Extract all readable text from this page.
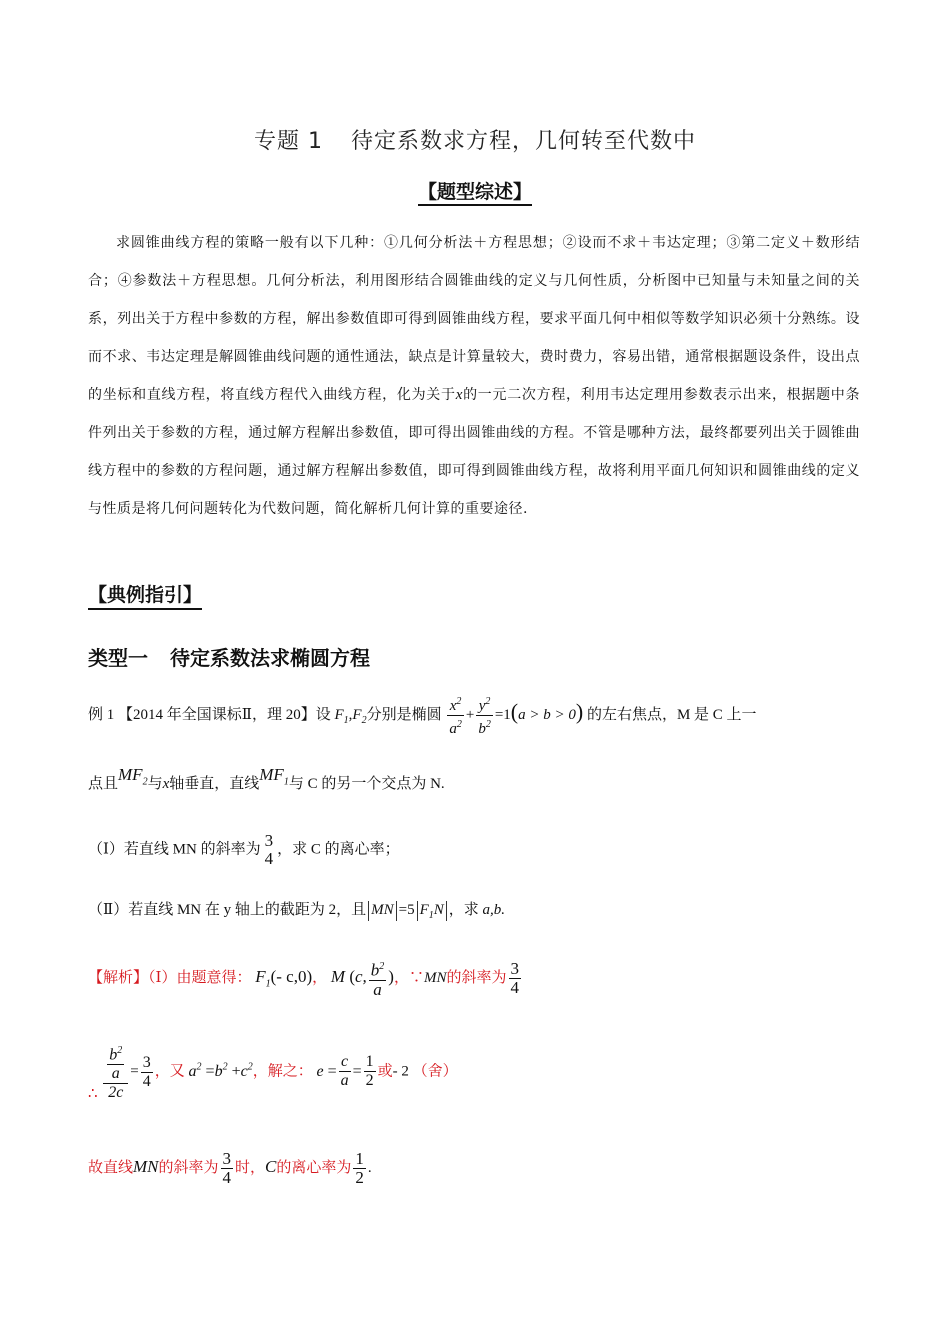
专题 1 待定系数求方程，几何转至代数中
【题型综述】
求圆锥曲线方程的策略一般有以下几种：①几何分析法＋方程思想；②设而不求＋韦达定理；③第二定义＋数形结合；④参数法＋方程思想。几何分析法，利用图形结合圆锥曲线的定义与几何性质，分析图中已知量与未知量之间的关系，列出关于方程中参数的方程，解出参数值即可得到圆锥曲线方程，要求平面几何中相似等数学知识必须十分熟练。设而不求、韦达定理是解圆锥曲线问题的通性通法，缺点是计算量较大，费时费力，容易出错，通常根据题设条件，设出点的坐标和直线方程，将直线方程代入曲线方程，化为关于x的一元二次方程，利用韦达定理用参数表示出来，根据题中条件列出关于参数的方程，通过解方程解出参数值，即可得出圆锥曲线的方程。不管是哪种方法，最终都要列出关于圆锥曲线方程中的参数的方程问题，通过解方程解出参数值，即可得到圆锥曲线方程，故将利用平面几何知识和圆锥曲线的定义与性质是将几何问题转化为代数问题，简化解析几何计算的重要途径.
【典例指引】
类型一 待定系数法求椭圆方程
例 1 【2014 年全国课标Ⅱ，理 20】设 $F_1,F_2$分别是椭圆 $\frac{x^2}{a^2} + \frac{y^2}{b^2} =1(a > b > 0)$ 的左右焦点，M 是 C 上一
点且$MF_2$与x轴垂直，直线$MF_1$与 C 的另一个交点为 N.
（Ⅰ）若直线 MN 的斜率为 3
4 ，求 C 的离心率；
（Ⅱ）若直线 MN 在 y 轴上的截距为 2，且 MN =5 $F_1N$ ，求 a,b.
【解析】（Ⅰ）由题意得： $F_1(-$ c,0)， M (c, $\frac{b^2}{a}$ )，∵MN的斜率为 $\frac{3}{4}$
∴ $\frac{\frac{b^2}{a}}{2c} = \frac{3}{4}$ ，又 $a^2 =b^2 +c^2$，解之： $e = \frac{c}{a} = \frac{1}{2}$ 或- 2 （舍）
故直线MN的斜率为 $\frac{3}{4}$ 时，C的离心率为 $\frac{1}{2}$ .
